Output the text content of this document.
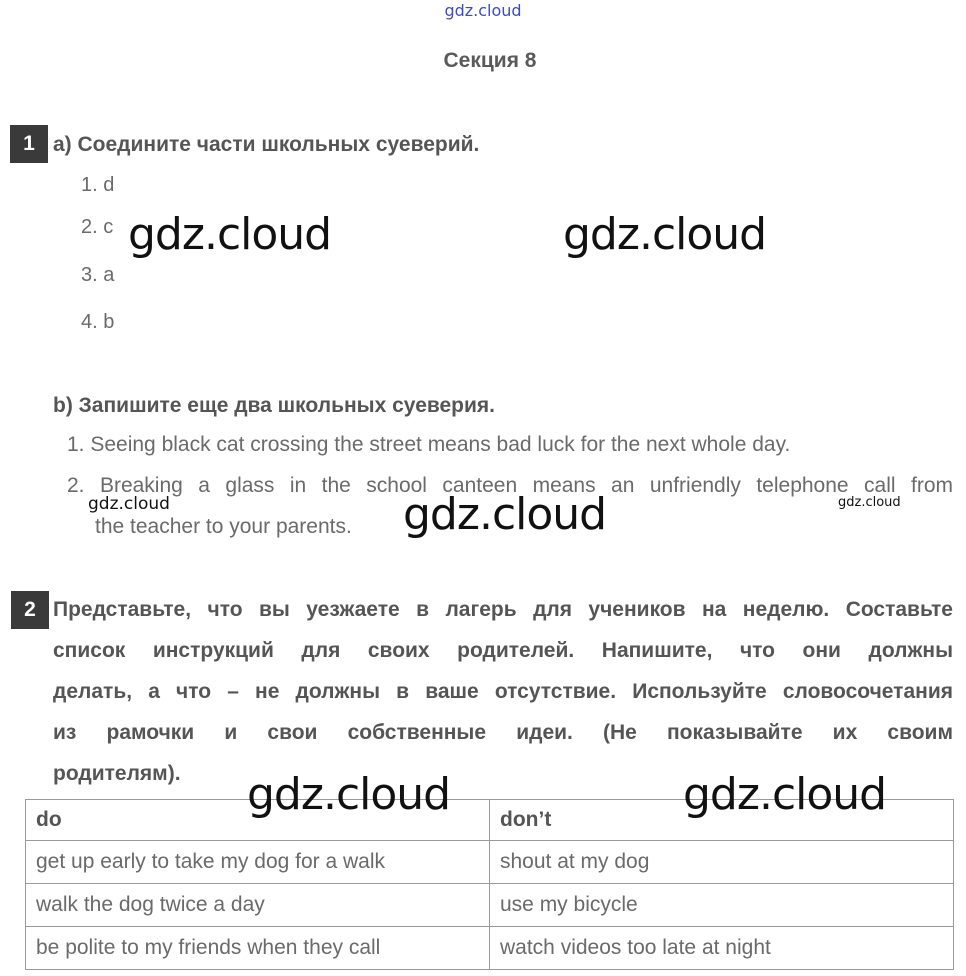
gdz.cloud
Секция 8
1 a) Соедините части школьных суеверий.
1. d
2. c
3. a
4. b
b) Запишите еще два школьных суеверия.
1. Seeing black cat crossing the street means bad luck for the next whole day.
2. Breaking a glass in the school canteen means an unfriendly telephone call from
the teacher to your parents.
2 Представьте, что вы уезжаете в лагерь для учеников на неделю. Составьте
список инструкций для своих родителей. Напишите, что они должны
делать, а что – не должны в ваше отсутствие. Используйте словосочетания
из рамочки и свои собственные идеи. (Не показывайте их своим
родителям).
do	don’t
get up early to take my dog for a walk	shout at my dog
walk the dog twice a day	use my bicycle
be polite to my friends when they call	watch videos too late at night
gdz.cloud	gdz.cloud
gdz.cloud
gdz.cloud	gdz.cloud
gdz.cloud	gdz.cloud
